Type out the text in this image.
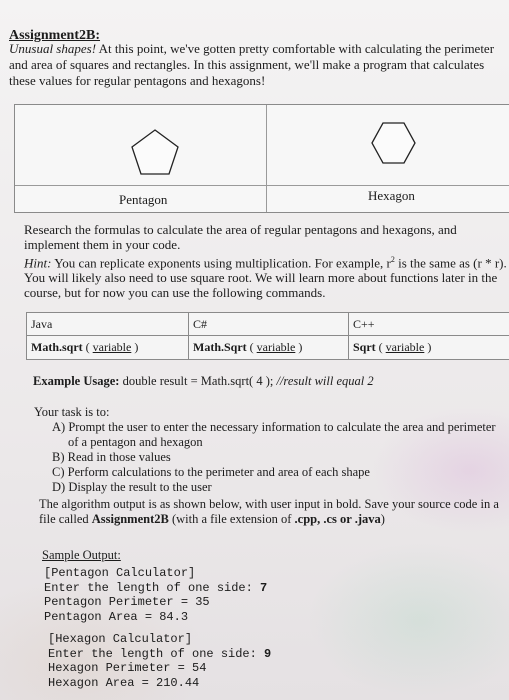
Assignment2B:
Unusual shapes! At this point, we've gotten pretty comfortable with calculating the perimeter and area of squares and rectangles. In this assignment, we'll make a program that calculates these values for regular pentagons and hexagons!
Pentagon	Hexagon
Research the formulas to calculate the area of regular pentagons and hexagons, and implement them in your code.
Hint: You can replicate exponents using multiplication. For example, $r^2$ is the same as (r * r). You will likely also need to use square root. We will learn more about functions later in the course, but for now you can use the following commands.
Java
Math.sqrt ( variable )
C#
Math.Sqrt ( variable )
C++
Sqrt ( variable )
Example Usage: double result = Math.sqrt( 4 ); //result will equal 2
Your task is to:
A) Prompt the user to enter the necessary information to calculate the area and perimeter of a pentagon and hexagon
B) Read in those values
C) Perform calculations to the perimeter and area of each shape
D) Display the result to the user
The algorithm output is as shown below, with user input in bold. Save your source code in a file called Assignment2B (with a file extension of .cpp, .cs or .java)
Sample Output:
[Pentagon Calculator]
Enter the length of one side: 7
Pentagon Perimeter = 35
Pentagon Area = 84.3
[Hexagon Calculator]
Enter the length of one side: 9
Hexagon Perimeter = 54
Hexagon Area = 210.44
